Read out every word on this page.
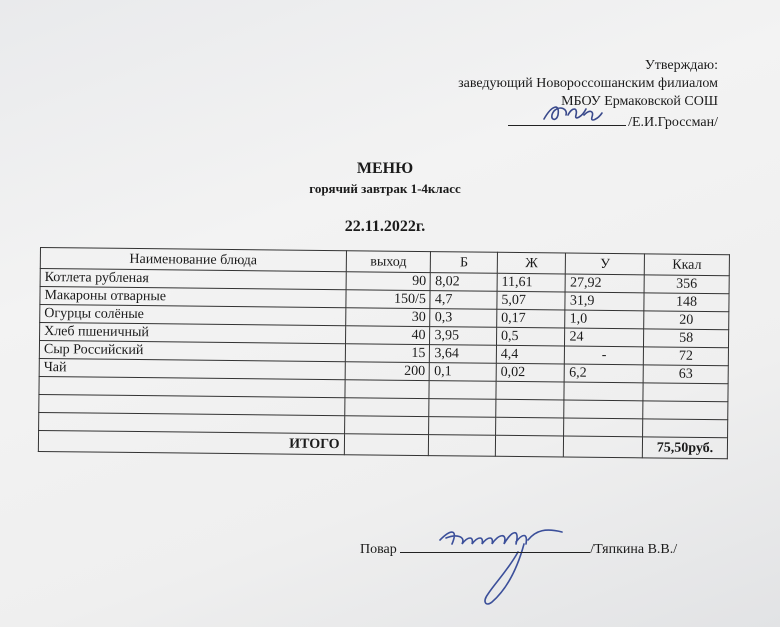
Утверждаю:
заведующий Новороссошанским филиалом
МБОУ Ермаковской СОШ
/Е.И.Гроссман/
МЕНЮ
горячий завтрак 1-4класс
22.11.2022г.
Наименование блюда	выход	Б	Ж	У	Ккал
Котлета рубленая	90	8,02	11,61	27,92	356
Макароны отварные	150/5	4,7	5,07	31,9	148
Огурцы солёные	30	0,3	0,17	1,0	20
Хлеб пшеничный	40	3,95	0,5	24	58
Сыр Российский	15	3,64	4,4	-	72
Чай	200	0,1	0,02	6,2	63

ИТОГО					75,50руб.
Повар	/Тяпкина В.В./
